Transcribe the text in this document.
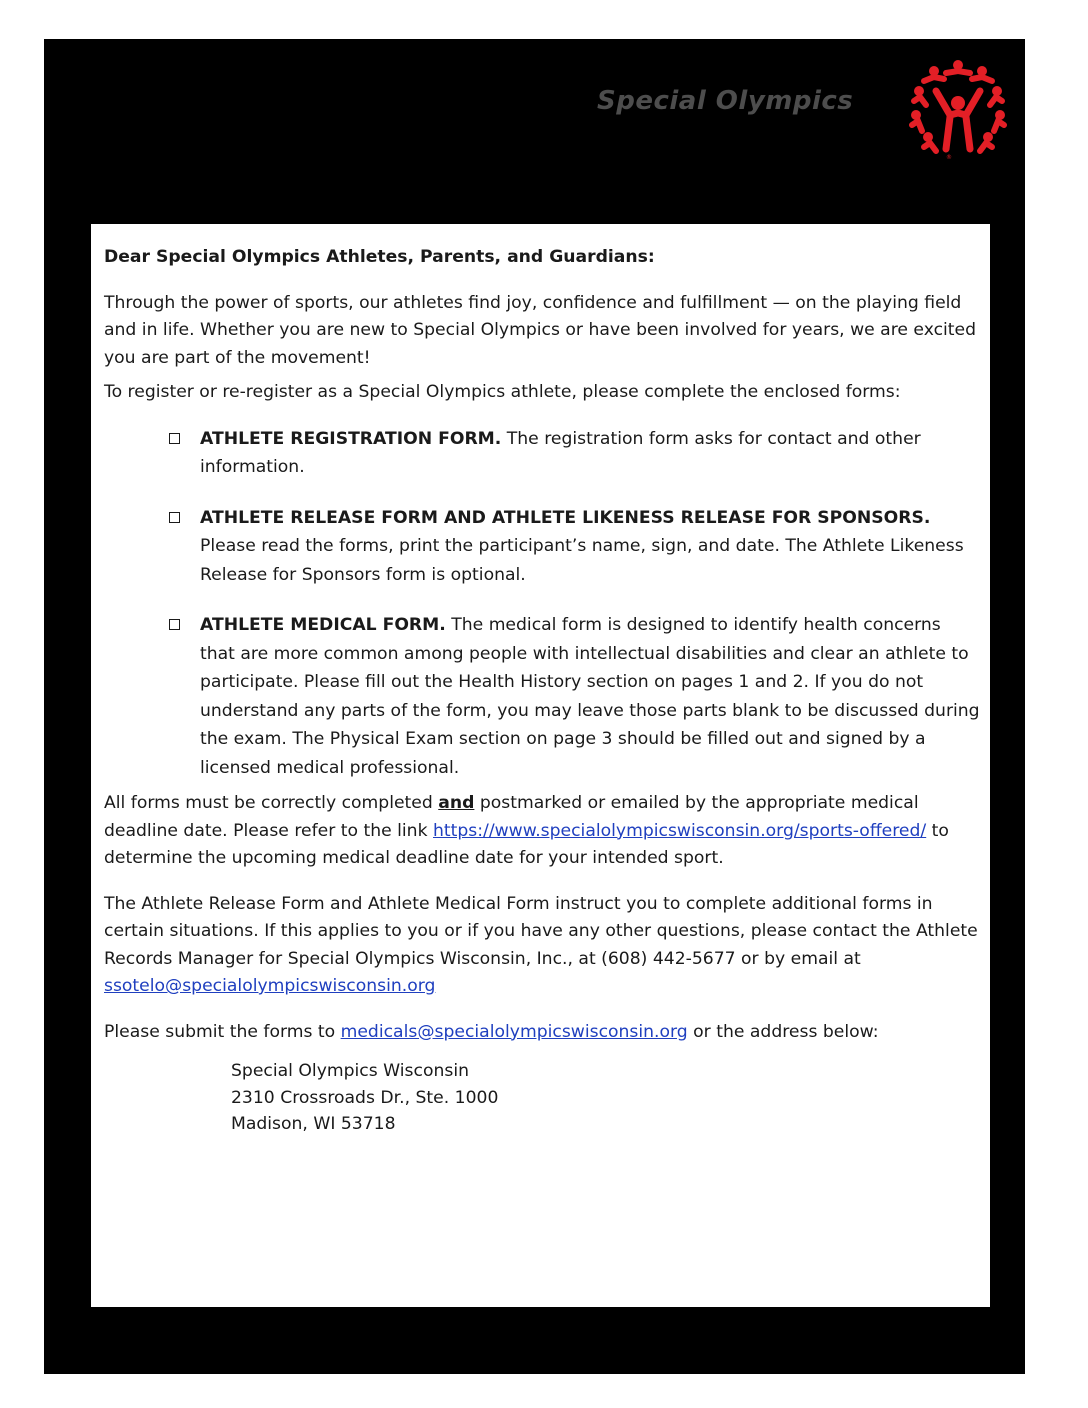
Special Olympics
®

Dear Special Olympics Athletes, Parents, and Guardians:

Through the power of sports, our athletes find joy, confidence and fulfillment — on the playing field and in life. Whether you are new to Special Olympics or have been involved for years, we are excited you are part of the movement!

To register or re-register as a Special Olympics athlete, please complete the enclosed forms:

ATHLETE REGISTRATION FORM. The registration form asks for contact and other information.
ATHLETE RELEASE FORM AND ATHLETE LIKENESS RELEASE FOR SPONSORS. Please read the forms, print the participant’s name, sign, and date. The Athlete Likeness Release for Sponsors form is optional.
ATHLETE MEDICAL FORM. The medical form is designed to identify health concerns that are more common among people with intellectual disabilities and clear an athlete to participate. Please fill out the Health History section on pages 1 and 2. If you do not understand any parts of the form, you may leave those parts blank to be discussed during the exam. The Physical Exam section on page 3 should be filled out and signed by a licensed medical professional.

All forms must be correctly completed and postmarked or emailed by the appropriate medical deadline date. Please refer to the link https://www.specialolympicswisconsin.org/sports-offered/ to determine the upcoming medical deadline date for your intended sport.

The Athlete Release Form and Athlete Medical Form instruct you to complete additional forms in certain situations. If this applies to you or if you have any other questions, please contact the Athlete Records Manager for Special Olympics Wisconsin, Inc., at (608) 442-5677 or by email at ssotelo@specialolympicswisconsin.org

Please submit the forms to medicals@specialolympicswisconsin.org or the address below:

Special Olympics Wisconsin
2310 Crossroads Dr., Ste. 1000
Madison, WI 53718
